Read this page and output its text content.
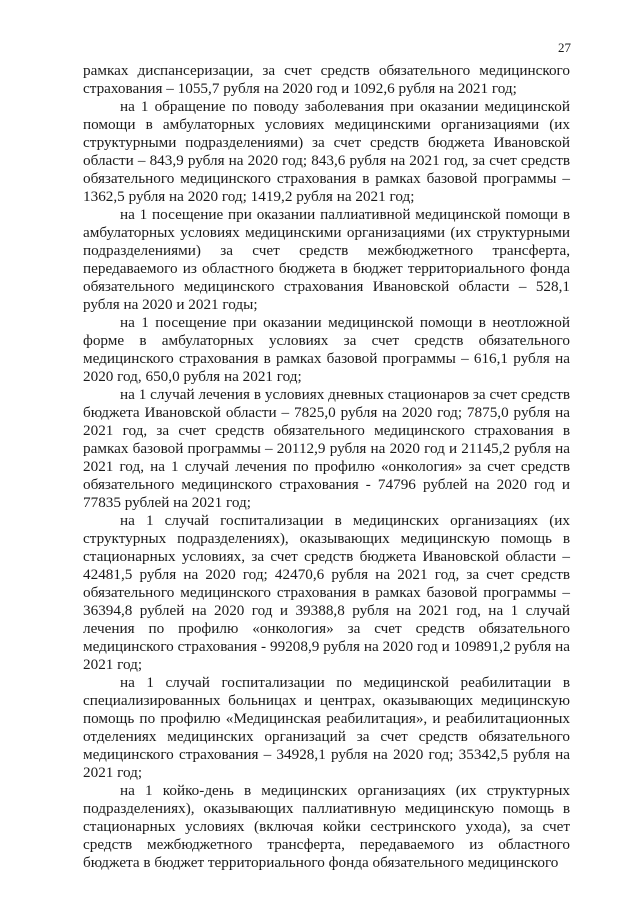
27

рамках диспансеризации, за счет средств обязательного медицинского страхования – 1055,7 рубля на 2020 год и 1092,6 рубля на 2021 год;

на 1 обращение по поводу заболевания при оказании медицинской помощи в амбулаторных условиях медицинскими организациями (их структурными подразделениями) за счет средств бюджета Ивановской области – 843,9 рубля на 2020 год; 843,6 рубля на 2021 год, за счет средств обязательного медицинского страхования в рамках базовой программы – 1362,5 рубля на 2020 год; 1419,2 рубля на 2021 год;

на 1 посещение при оказании паллиативной медицинской помощи в амбулаторных условиях медицинскими организациями (их структурными подразделениями) за счет средств межбюджетного трансферта, передаваемого из областного бюджета в бюджет территориального фонда обязательного медицинского страхования Ивановской области – 528,1 рубля на 2020 и 2021 годы;

на 1 посещение при оказании медицинской помощи в неотложной форме в амбулаторных условиях за счет средств обязательного медицинского страхования в рамках базовой программы – 616,1 рубля на 2020 год, 650,0 рубля на 2021 год;

на 1 случай лечения в условиях дневных стационаров за счет средств бюджета Ивановской области – 7825,0 рубля на 2020 год; 7875,0 рубля на 2021 год, за счет средств обязательного медицинского страхования в рамках базовой программы – 20112,9 рубля на 2020 год и 21145,2 рубля на 2021 год, на 1 случай лечения по профилю «онкология» за счет средств обязательного медицинского страхования - 74796 рублей на 2020 год и 77835 рублей на 2021 год;

на 1 случай госпитализации в медицинских организациях (их структурных подразделениях), оказывающих медицинскую помощь в стационарных условиях, за счет средств бюджета Ивановской области – 42481,5 рубля на 2020 год; 42470,6 рубля на 2021 год, за счет средств обязательного медицинского страхования в рамках базовой программы – 36394,8 рублей на 2020 год и 39388,8 рубля на 2021 год, на 1 случай лечения по профилю «онкология» за счет средств обязательного медицинского страхования - 99208,9 рубля на 2020 год и 109891,2 рубля на 2021 год;

на 1 случай госпитализации по медицинской реабилитации в специализированных больницах и центрах, оказывающих медицинскую помощь по профилю «Медицинская реабилитация», и реабилитационных отделениях медицинских организаций за счет средств обязательного медицинского страхования – 34928,1 рубля на 2020 год; 35342,5 рубля на 2021 год;

на 1 койко-день в медицинских организациях (их структурных подразделениях), оказывающих паллиативную медицинскую помощь в стационарных условиях (включая койки сестринского ухода), за счет средств межбюджетного трансферта, передаваемого из областного бюджета в бюджет территориального фонда обязательного медицинского
